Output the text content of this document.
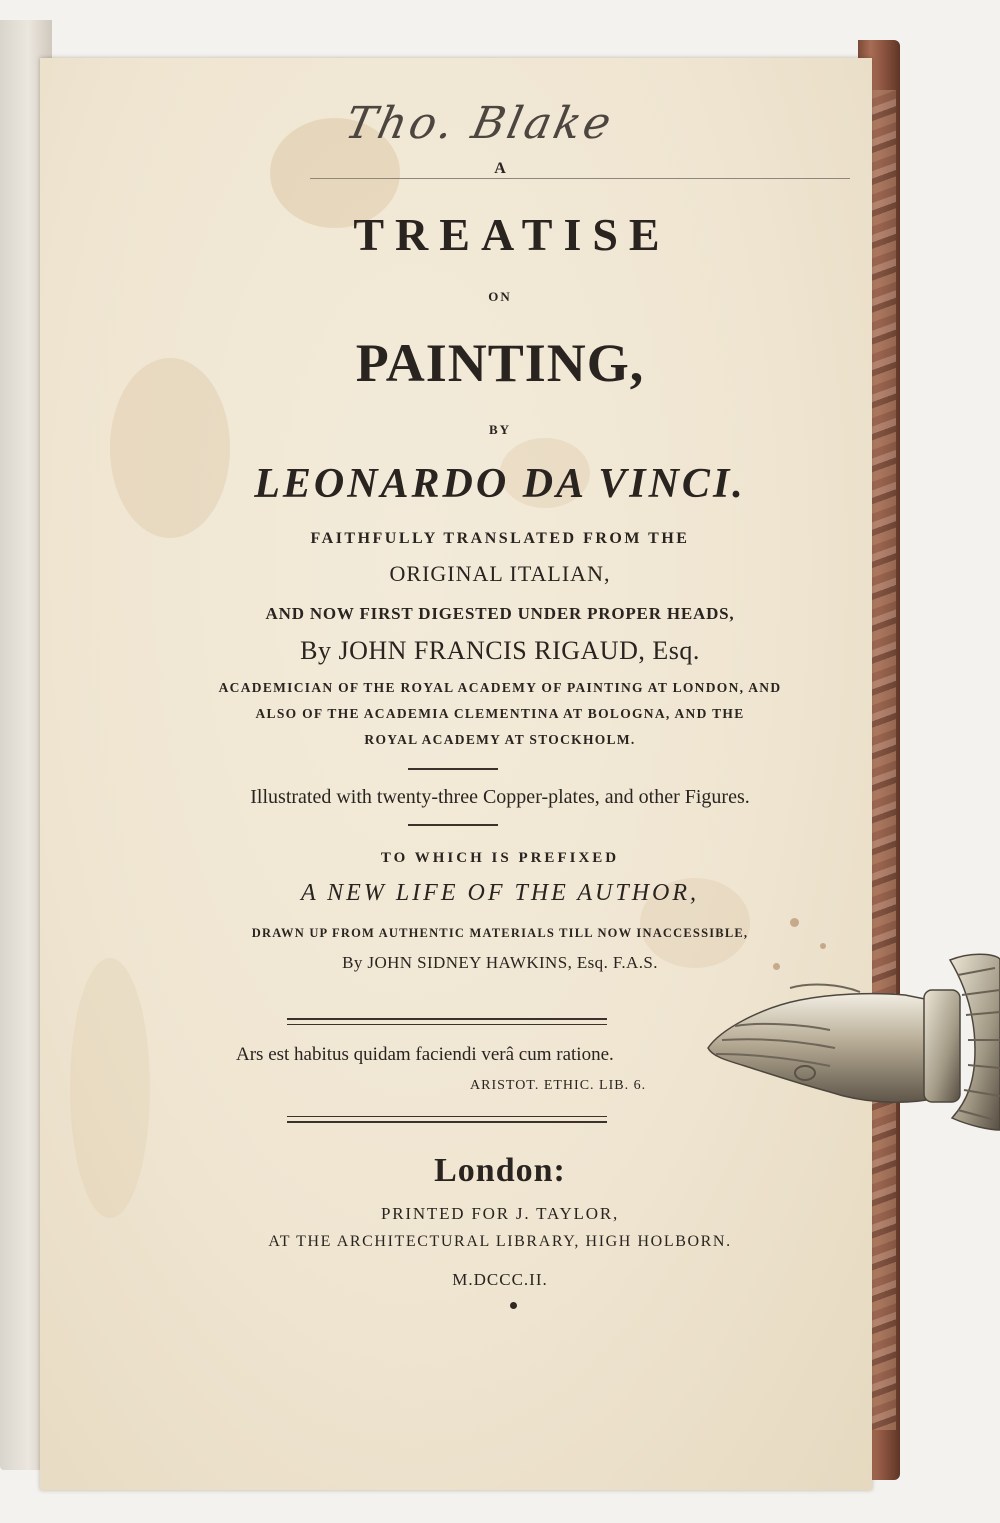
Tho. Blake
A
TREATISE
ON
PAINTING,
BY
LEONARDO DA VINCI.
FAITHFULLY TRANSLATED FROM THE
ORIGINAL ITALIAN,
AND NOW FIRST DIGESTED UNDER PROPER HEADS,
By JOHN FRANCIS RIGAUD, Esq.
ACADEMICIAN OF THE ROYAL ACADEMY OF PAINTING AT LONDON, AND
ALSO OF THE ACADEMIA CLEMENTINA AT BOLOGNA, AND THE
ROYAL ACADEMY AT STOCKHOLM.
Illustrated with twenty-three Copper-plates, and other Figures.
TO WHICH IS PREFIXED
A NEW LIFE OF THE AUTHOR,
DRAWN UP FROM AUTHENTIC MATERIALS TILL NOW INACCESSIBLE,
By JOHN SIDNEY HAWKINS, Esq. F.A.S.
Ars est habitus quidam faciendi verâ cum ratione.
ARISTOT. ETHIC. LIB. 6.
London:
PRINTED FOR J. TAYLOR,
AT THE ARCHITECTURAL LIBRARY, HIGH HOLBORN.
M.DCCC.II.
